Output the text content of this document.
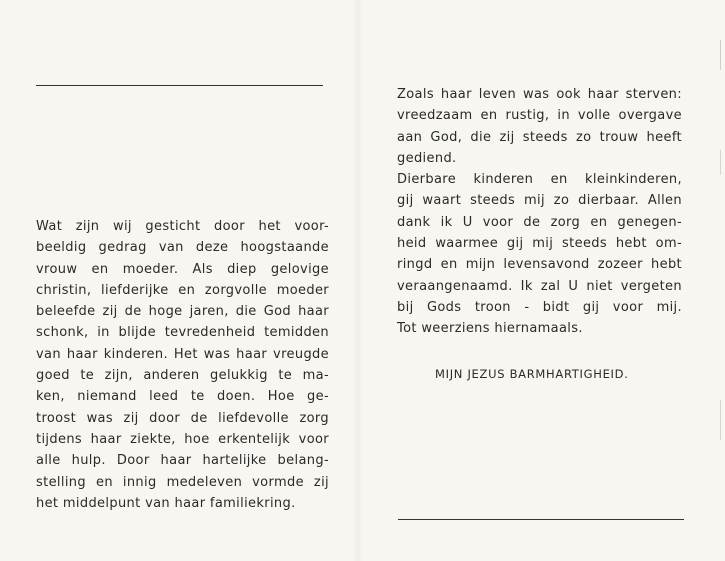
Wat zijn wij gesticht door het voor-
beeldig gedrag van deze hoogstaande
vrouw en moeder. Als diep gelovige
christin, liefderijke en zorgvolle moeder
beleefde zij de hoge jaren, die God haar
schonk, in blijde tevredenheid temidden
van haar kinderen. Het was haar vreugde
goed te zijn, anderen gelukkig te ma-
ken, niemand leed te doen. Hoe ge-
troost was zij door de liefdevolle zorg
tijdens haar ziekte, hoe erkentelijk voor
alle hulp. Door haar hartelijke belang-
stelling en innig medeleven vormde zij
het middelpunt van haar familiekring.
Zoals haar leven was ook haar sterven:
vreedzaam en rustig, in volle overgave
aan God, die zij steeds zo trouw heeft
gediend.
Dierbare kinderen en kleinkinderen,
gij waart steeds mij zo dierbaar. Allen
dank ik U voor de zorg en genegen-
heid waarmee gij mij steeds hebt om-
ringd en mijn levensavond zozeer hebt
veraangenaamd. Ik zal U niet vergeten
bij Gods troon - bidt gij voor mij.
Tot weerziens hiernamaals.
MIJN JEZUS BARMHARTIGHEID.
